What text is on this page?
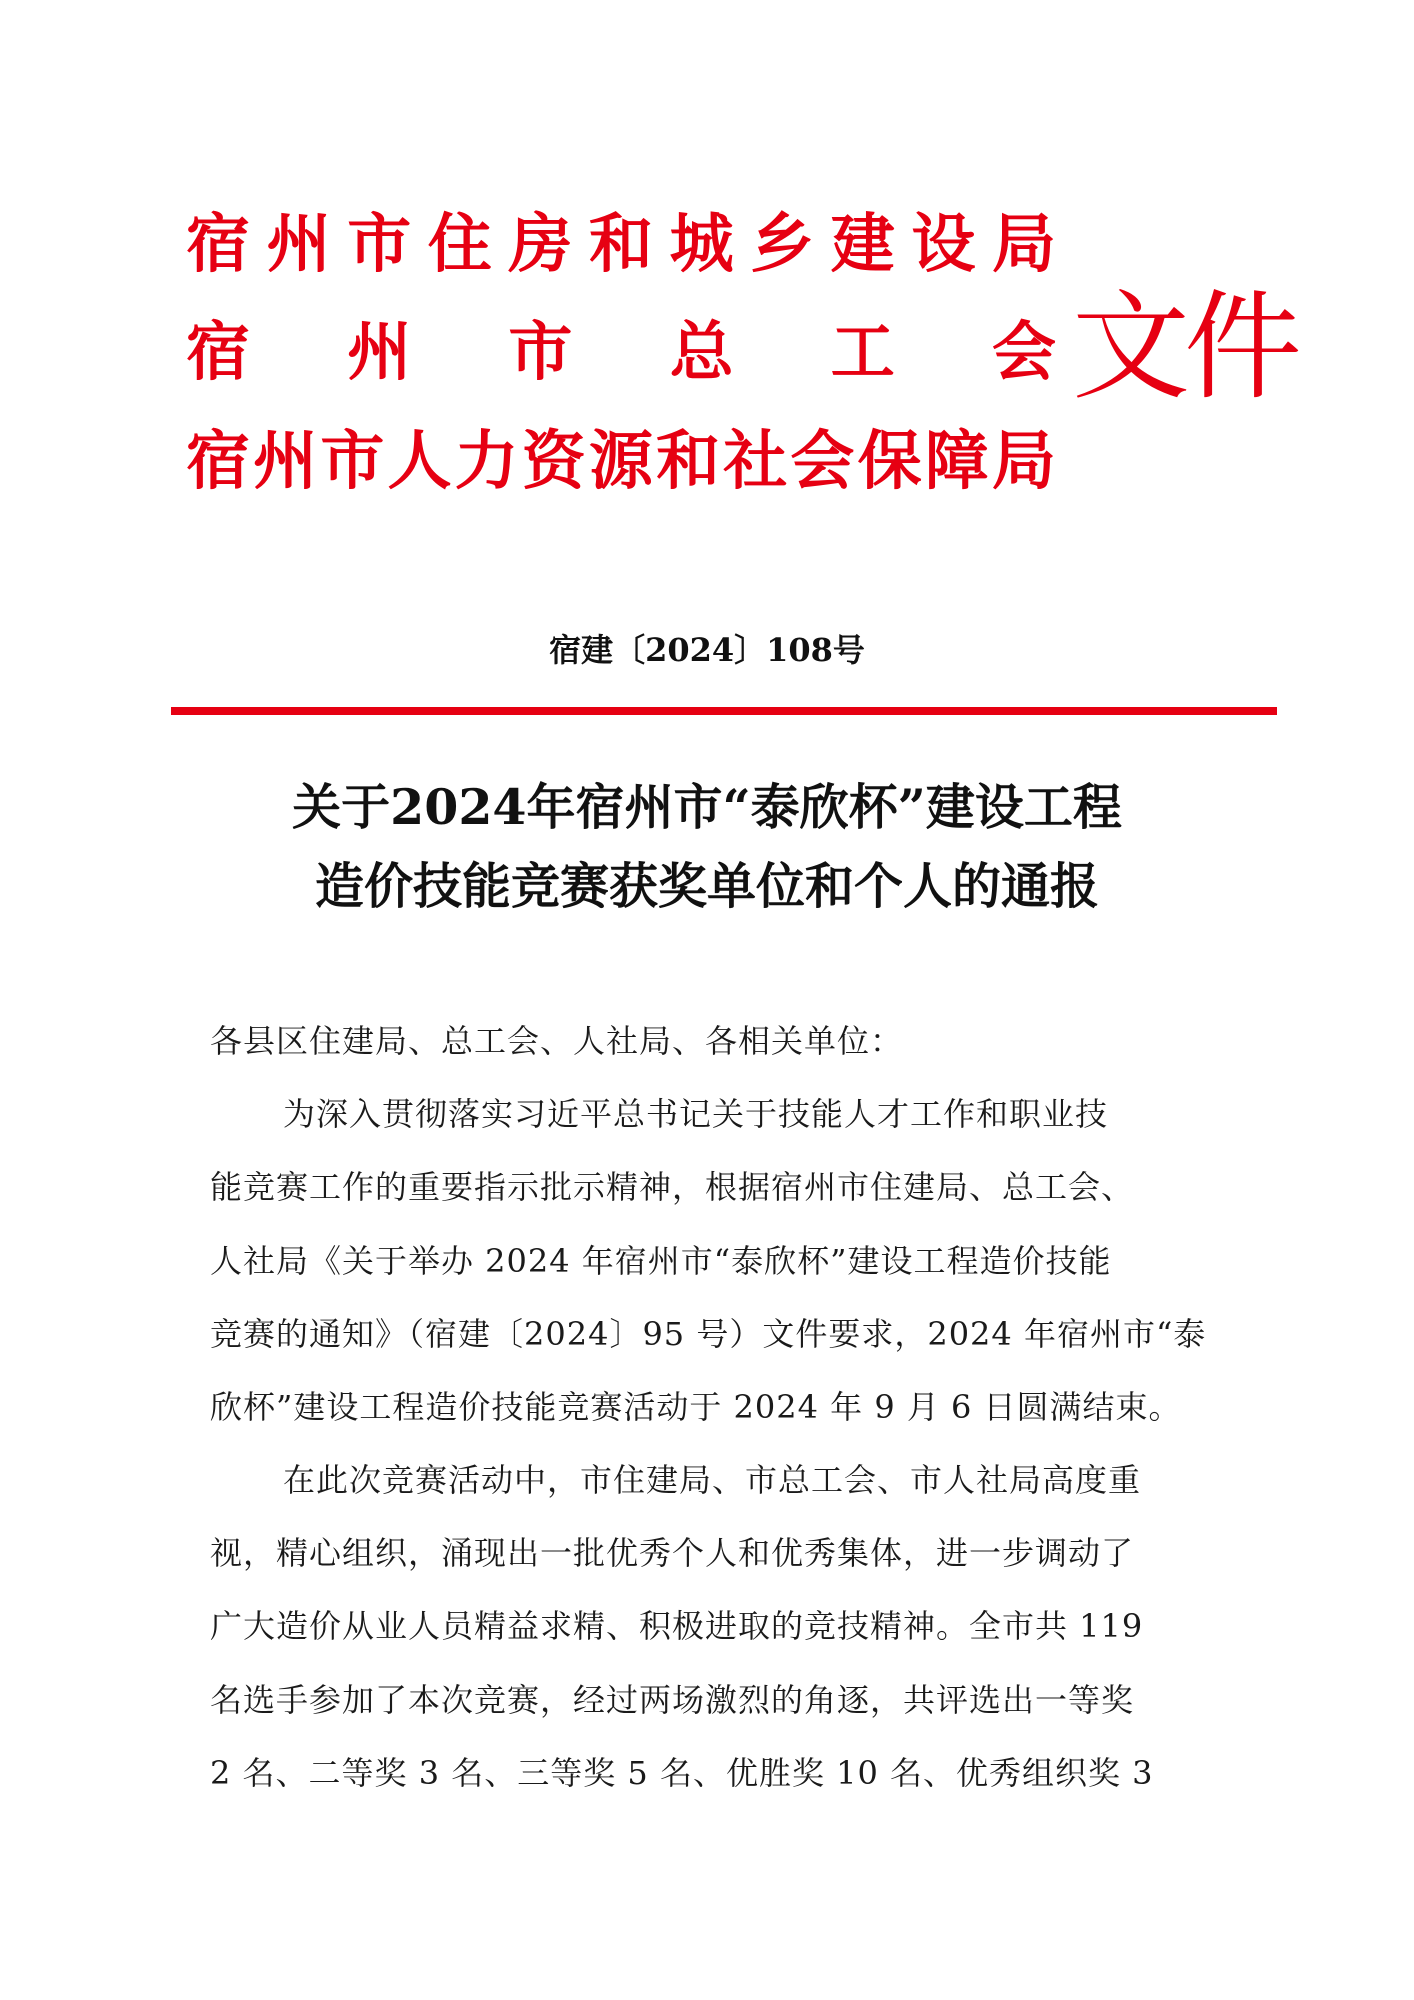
宿 州 市 住 房 和 城 乡 建 设 局
宿 州 市 总 工 会
宿 州 市 人 力 资 源 和 社 会 保 障 局
文件
宿建〔2024〕108号
关于2024年宿州市“泰欣杯”建设工程
造价技能竞赛获奖单位和个人的通报
各县区住建局、总工会、人社局、各相关单位：
为深入贯彻落实习近平总书记关于技能人才工作和职业技
能竞赛工作的重要指示批示精神，根据宿州市住建局、总工会、
人社局《关于举办 2024 年宿州市“泰欣杯”建设工程造价技能
竞赛的通知》（宿建〔2024〕95 号）文件要求，2024 年宿州市“泰
欣杯”建设工程造价技能竞赛活动于 2024 年 9 月 6 日圆满结束。
在此次竞赛活动中，市住建局、市总工会、市人社局高度重
视，精心组织，涌现出一批优秀个人和优秀集体，进一步调动了
广大造价从业人员精益求精、积极进取的竞技精神。全市共 119
名选手参加了本次竞赛，经过两场激烈的角逐，共评选出一等奖
2 名、二等奖 3 名、三等奖 5 名、优胜奖 10 名、优秀组织奖 3
